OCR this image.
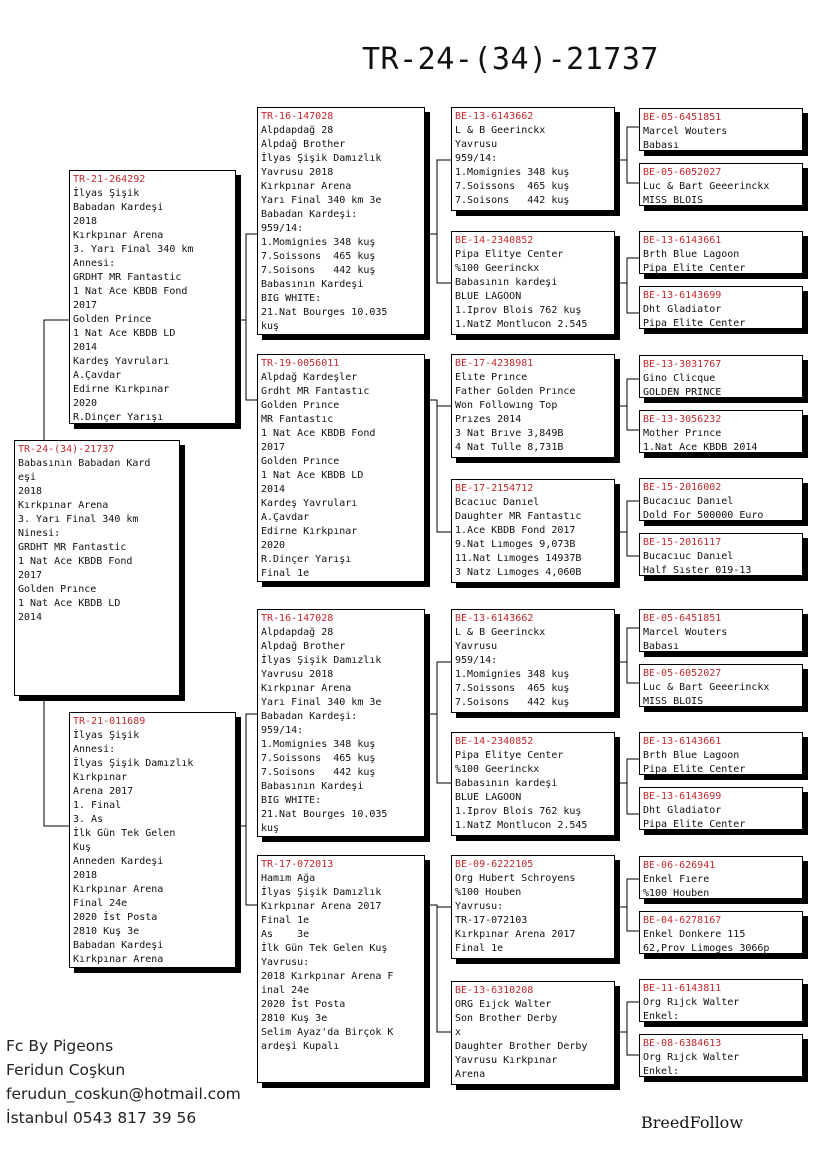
TR-24-(34)-21737
TR-24-(34)-21737
Babasının Babadan Kard
eşi
2018
Kırkpınar Arena
3. Yarı Final 340 km
Ninesi:
GRDHT MR Fantastic
1 Nat Ace KBDB Fond
2017
Golden Prınce
1 Nat Ace KBDB LD
2014
TR-21-264292
İlyas Şişik
Babadan Kardeşi
2018
Kırkpınar Arena
3. Yarı Final 340 km
Annesi:
GRDHT MR Fantastic
1 Nat Ace KBDB Fond
2017
Golden Prince
1 Nat Ace KBDB LD
2014
Kardeş Yavruları
A.Çavdar
Edirne Kırkpınar
2020
R.Dinçer Yarışı
TR-21-011689
İlyas Şişik
Annesi:
İlyas Şişik Damızlık
Kırkpınar
Arena 2017
1. Final
3. As
İlk Gün Tek Gelen
Kuş
Anneden Kardeşi
2018
Kırkpınar Arena
Final 24e
2020 İst Posta
2810 Kuş 3e
Babadan Kardeşi
Kırkpınar Arena
TR-16-147028
Alpdapdağ 28
Alpdağ Brother
İlyas Şişik Damızlık
Yavrusu 2018
Kırkpınar Arena
Yarı Final 340 km 3e
Babadan Kardeşi:
959/14:
1.Momignies 348 kuş
7.Soissons  465 kuş
7.Soisons   442 kuş
Babasının Kardeşi
BIG WHITE:
21.Nat Bourges 10.035
kuş
TR-19-0056011
Alpdağ Kardeşler
Grdht MR Fantastıc
Golden Prınce
MR Fantastıc
1 Nat Ace KBDB Fond
2017
Golden Prınce
1 Nat Ace KBDB LD
2014
Kardeş Yavruları
A.Çavdar
Edirne Kırkpınar
2020
R.Dinçer Yarışı
Final 1e
TR-16-147028
Alpdapdağ 28
Alpdağ Brother
İlyas Şişik Damızlık
Yavrusu 2018
Kırkpınar Arena
Yarı Final 340 km 3e
Babadan Kardeşi:
959/14:
1.Momignies 348 kuş
7.Soissons  465 kuş
7.Soisons   442 kuş
Babasının Kardeşi
BIG WHITE:
21.Nat Bourges 10.035
kuş
TR-17-072013
Hamım Ağa
İlyas Şişik Damızlık
Kırkpınar Arena 2017
Final 1e
As    3e
İlk Gün Tek Gelen Kuş
Yavrusu:
2018 Kırkpınar Arena F
inal 24e
2020 İst Posta
2810 Kuş 3e
Selim Ayaz'da Birçok K
ardeşi Kupalı
BE-13-6143662
L & B Geerinckx
Yavrusu
959/14:
1.Momignies 348 kuş
7.Soissons  465 kuş
7.Soisons   442 kuş
BE-14-2340852
Pipa Elitye Center
%100 Geerinckx
Babasının kardeşi
BLUE LAGOON
1.Iprov Blois 762 kuş
1.NatZ Montlucon 2.545
BE-17-4238981
Elıte Prınce
Father Golden Prınce
Won Followıng Top
Prızes 2014
3 Nat Brıve 3,849B
4 Nat Tulle 8,731B
BE-17-2154712
Bcacıuc Danıel
Daughter MR Fantastıc
1.Ace KBDB Fond 2017
9.Nat Lımoges 9,073B
11.Nat Lımoges 14937B
3 Natz Lımoges 4,060B
BE-13-6143662
L & B Geerinckx
Yavrusu
959/14:
1.Momignies 348 kuş
7.Soissons  465 kuş
7.Soisons   442 kuş
BE-14-2340852
Pipa Elitye Center
%100 Geerinckx
Babasının kardeşi
BLUE LAGOON
1.Iprov Blois 762 kuş
1.NatZ Montlucon 2.545
BE-09-6222105
Org Hubert Schroyens
%100 Houben
Yavrusu:
TR-17-072103
Kırkpınar Arena 2017
Final 1e
BE-13-6310208
ORG Eıjck Walter
Son Brother Derby
x
Daughter Brother Derby
Yavrusu Kırkpınar
Arena
BE-05-6451851
Marcel Wouters
Babası
BE-05-6052027
Luc & Bart Geeerinckx
MISS BLOIS
BE-13-6143661
Brth Blue Lagoon
Pipa Elite Center
BE-13-6143699
Dht Gladiator
Pipa Elite Center
BE-13-3031767
Gino Clicque
GOLDEN PRINCE
BE-13-3056232
Mother Prınce
1.Nat Ace KBDB 2014
BE-15-2016002
Bucacıuc Danıel
Dold For 500000 Euro
BE-15-2016117
Bucacıuc Danıel
Half Sıster 019-13
BE-05-6451851
Marcel Wouters
Babası
BE-05-6052027
Luc & Bart Geeerinckx
MISS BLOIS
BE-13-6143661
Brth Blue Lagoon
Pipa Elite Center
BE-13-6143699
Dht Gladiator
Pipa Elite Center
BE-06-626941
Enkel Fıere
%100 Houben
BE-04-6278167
Enkel Donkere 115
62,Prov Limoges 3066p
BE-11-6143811
Org Rıjck Walter
Enkel:
BE-08-6384613
Org Rıjck Walter
Enkel:
Fc By Pigeons
Feridun Coşkun
ferudun_coskun@hotmail.com
İstanbul 0543 817 39 56	BreedFollow
